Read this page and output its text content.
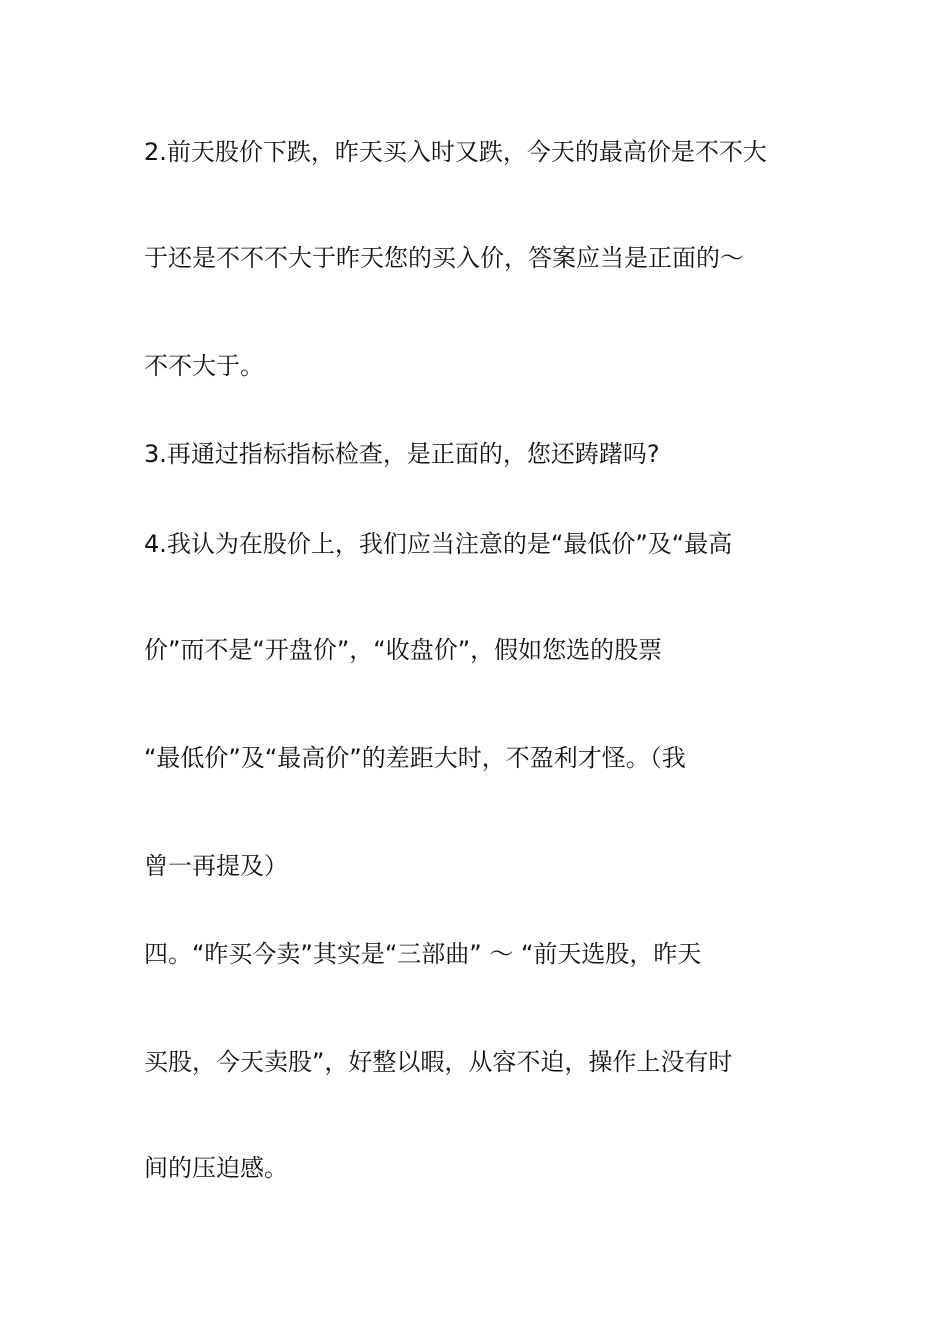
2.前天股价下跌，昨天买入时又跌，今天的最高价是不不大
于还是不不不大于昨天您的买入价，答案应当是正面的～
不不大于。
3.再通过指标指标检查，是正面的，您还踌躇吗?
4.我认为在股价上，我们应当注意的是“最低价”及“最高
价”而不是“开盘价”，“收盘价”，假如您选的股票
“最低价”及“最高价”的差距大时，不盈利才怪。（我
曾一再提及）
四。“昨买今卖”其实是“三部曲” ～ “前天选股，昨天
买股，今天卖股”，好整以暇，从容不迫，操作上没有时
间的压迫感。
